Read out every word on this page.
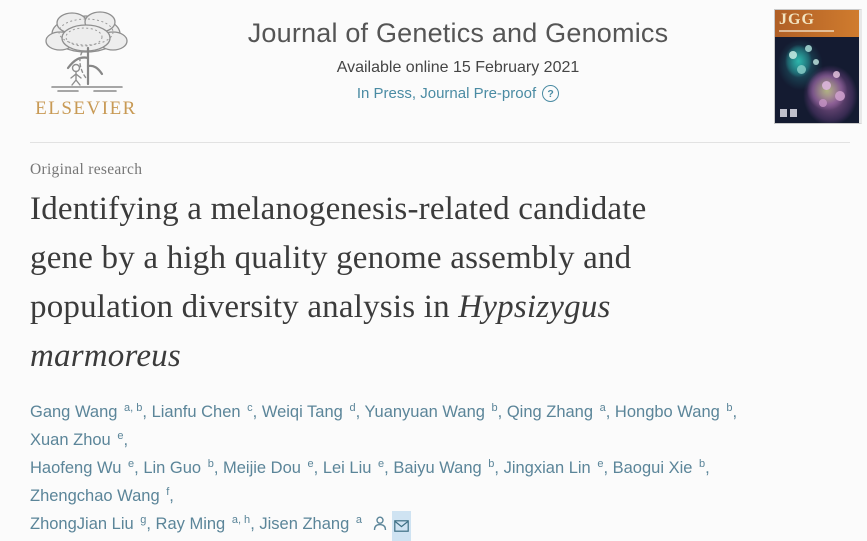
ELSEVIER
Journal of Genetics and Genomics
Available online 15 February 2021
In Press, Journal Pre-proof	?
JGG
Original research
Identifying a melanogenesis-related candidate
gene by a high quality genome assembly and
population diversity analysis in Hypsizygus
marmoreus

Gang Wang $^{a, b}$, Lianfu Chen $^c$, Weiqi Tang $^d$, Yuanyuan Wang $^b$, Qing Zhang $^a$, Hongbo Wang $^b$, Xuan Zhou $^e$,
Haofeng Wu $^e$, Lin Guo $^b$, Meijie Dou $^e$, Lei Liu $^e$, Baiyu Wang $^b$, Jingxian Lin $^e$, Baogui Xie $^b$, Zhengchao Wang $^f$,
ZhongJian Liu $^g$, Ray Ming $^{a, h}$, Jisen Zhang $^a$
